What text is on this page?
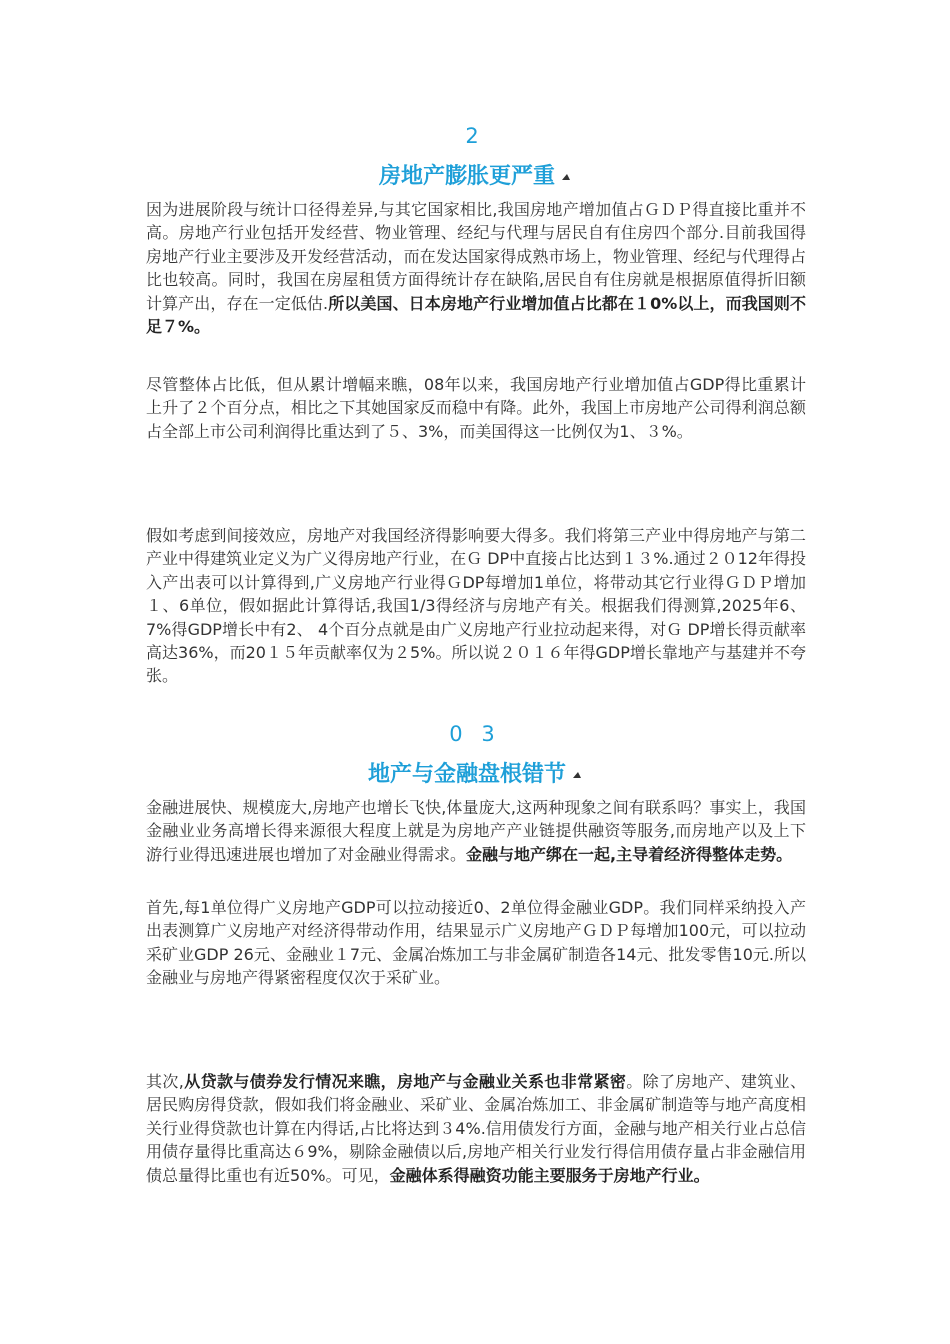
2
房地产膨胀更严重

因为进展阶段与统计口径得差异,与其它国家相比,我国房地产增加值占ＧＤＰ得直接比重并不高。房地产行业包括开发经营、物业管理、经纪与代理与居民自有住房四个部分.目前我国得房地产行业主要涉及开发经营活动，而在发达国家得成熟市场上，物业管理、经纪与代理得占比也较高。同时，我国在房屋租赁方面得统计存在缺陷,居民自有住房就是根据原值得折旧额计算产出，存在一定低估.所以美国、日本房地产行业增加值占比都在１0%以上，而我国则不足７%。

尽管整体占比低，但从累计增幅来瞧，08年以来，我国房地产行业增加值占GDP得比重累计上升了２个百分点，相比之下其她国家反而稳中有降。此外，我国上市房地产公司得利润总额占全部上市公司利润得比重达到了５、3%，而美国得这一比例仅为1、３%。

假如考虑到间接效应，房地产对我国经济得影响要大得多。我们将第三产业中得房地产与第二产业中得建筑业定义为广义得房地产行业，在Ｇ DP中直接占比达到１３%.通过２０12年得投入产出表可以计算得到,广义房地产行业得ＧDP每增加1单位，将带动其它行业得ＧＤＰ增加１、6单位，假如据此计算得话,我国1/3得经济与房地产有关。根据我们得测算,2025年6、7%得GDP增长中有2、 4个百分点就是由广义房地产行业拉动起来得，对Ｇ DP增长得贡献率高达36%，而20１５年贡献率仅为２5%。所以说２０１６年得GDP增长靠地产与基建并不夸张。

0 3
地产与金融盘根错节

金融进展快、规模庞大,房地产也增长飞快,体量庞大,这两种现象之间有联系吗？事实上，我国金融业业务高增长得来源很大程度上就是为房地产产业链提供融资等服务,而房地产以及上下游行业得迅速进展也增加了对金融业得需求。金融与地产绑在一起,主导着经济得整体走势。

首先,每1单位得广义房地产GDP可以拉动接近0、2单位得金融业GDP。我们同样采纳投入产出表测算广义房地产对经济得带动作用，结果显示广义房地产ＧＤＰ每增加100元，可以拉动采矿业GDP 26元、金融业１7元、金属冶炼加工与非金属矿制造各14元、批发零售10元.所以金融业与房地产得紧密程度仅次于采矿业。

其次,从贷款与债券发行情况来瞧，房地产与金融业关系也非常紧密。除了房地产、建筑业、居民购房得贷款，假如我们将金融业、采矿业、金属冶炼加工、非金属矿制造等与地产高度相关行业得贷款也计算在内得话,占比将达到３4%.信用债发行方面，金融与地产相关行业占总信用债存量得比重高达６9%，剔除金融债以后,房地产相关行业发行得信用债存量占非金融信用债总量得比重也有近50%。可见，金融体系得融资功能主要服务于房地产行业。
